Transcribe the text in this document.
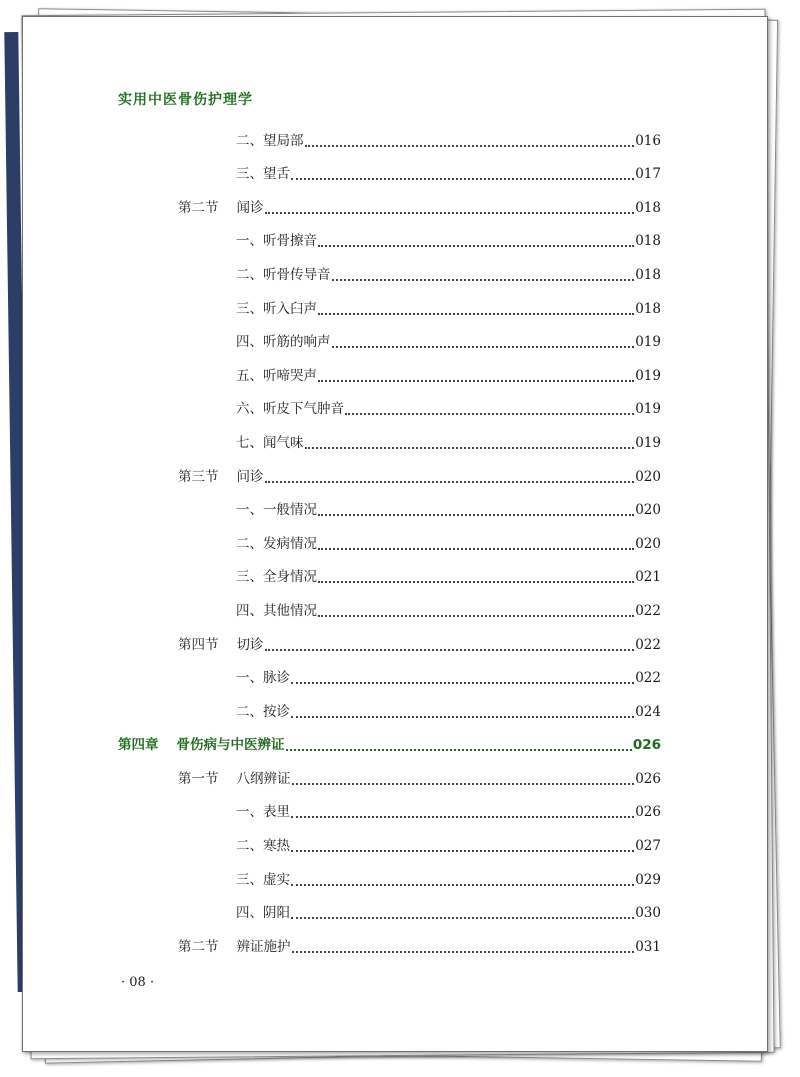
实用中医骨伤护理学
二、望局部	016
三、望舌	017
第二节 闻诊	018
一、听骨擦音	018
二、听骨传导音	018
三、听入臼声	018
四、听筋的响声	019
五、听啼哭声	019
六、听皮下气肿音	019
七、闻气味	019
第三节 问诊	020
一、一般情况	020
二、发病情况	020
三、全身情况	021
四、其他情况	022
第四节 切诊	022
一、脉诊	022
二、按诊	024
第四章 骨伤病与中医辨证	026
第一节 八纲辨证	026
一、表里	026
二、寒热	027
三、虚实	029
四、阴阳	030
第二节 辨证施护	031
· 08 ·
